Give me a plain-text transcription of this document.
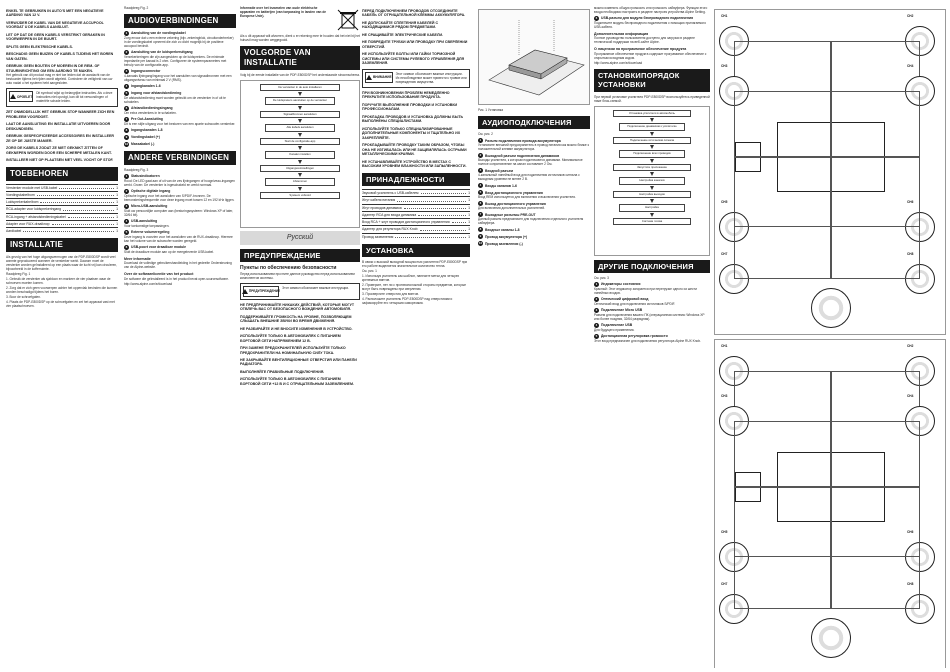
ENKEL TE GEBRUIKEN IN AUTO'S MET EEN NEGATIEVE AARDING VAN 12 V.
VERWIJDER DE KABEL VAN DE NEGATIEVE ACCUPOOL VOORDAT U DE KABELS AANSLUIT.
LET OP DAT DE GEEN KABELS VERSTRIKT GERAKEN IN VOORWERPEN IN DE BUURT.
SPLITS GEEN ELEKTRISCHE KABELS.
BESCHADIG GEEN BUIZEN OF KABELS TIJDENS HET BOREN VAN GATEN.
GEBRUIK GEEN BOUTEN OF MOEREN IN DE REM- OF STUURINRICHTING OM EEN AARDING TE MAKEN.
Het gebruik van dit product mag er niet toe leiden dat de aandacht van de bestuurder tijdens het rijden wordt afgeleid. Controleer de veiligheid van uw auto nadat u het systeem hebt aangesloten.
OPGELET
Dit symbool wijst op belangrijke instructies. Als u deze instructies niet opvolgt, kan dit tot verwondingen of materiële schade leiden.
ZET ONMIDDELLIJK HET GEBRUIK STOP WANNEER ZICH EEN PROBLEEM VOORDOET.
LAAT DE AANSLUITING EN INSTALLATIE UITVOEREN DOOR DESKUNDIGEN.
GEBRUIK GESPECIFICEERDE ACCESSOIRES EN INSTALLEER ZE OP DE JUISTE MANIER.
ZORG DE KABELS ZODAT ZE NIET GEKNIKT ZITTEN OF GEKNEPEN WORDEN DOOR EEN SCHERPE METALEN KANT.
INSTALLEER NIET OP PLAATSEN MET VEEL VOCHT OF STOF.
TOEBEHOREN
Versterker module met USB-kabel	1
Voedingskabelbom	1
Luidsprekerkabelbom	1
RCA-adapter voor luidsprekeringang	1
RCA-ingang + afstandsbedieningskabel	1
Adapter voor RUX-draaiknop	1
Aardkabel	1
INSTALLATIE
Als gevolg van het hoge uitgangsvermogen van de PDP-E800DSP wordt veel warmte geproduceerd wanneer de versterker werkt. Daarom moet de versterker worden geïnstalleerd op een plaats waar de lucht vrij kan circuleren, bijvoorbeeld in de kofferruimte.
Raadpleeg Fig. 1
1. Gebruik de versterker als sjabloon en markeer de vier plaatsen waar de schroeven moeten komen.
2. Zorg dat er zich geen voorwerpen achter het oppervlak bevinden die kunnen worden beschadigd tijdens het boren.
3. Boor de schroefgaten.
4. Plaats de PDP-E800DSP op de schroefgaten en zet het apparaat vast met vier plaatschroeven.
Raadpleeg Fig. 2
AUDIOVERBINDINGEN
1	Aansluiting van de voedingskabel
Zorg ervoor dat u een externe zekering (bijv. zekeringblok, circuitonderbreker) in de voedingskabel opneemt die zich zo dicht mogelijk bij de positieve accupool bevindt.
2	Aansluiting van de luidsprekeruitgang
Verzekerkeringen die zijn aangesloten op de luidsprekers. De minimale impedantie per kanaal is 2 ohm. Configureer de systeemparameters met behulp van de configuratie-app.
3	Ingangsconnector
4-kanaals lijningang/ingang voor het aansluiten van signaalbronnen met een uitgangsniveau van minimaal 2 V (RMS).
4	Ingangkanalen 1-6
5	Ingang voor afstandsbediening
De afstandsbediening moet worden gebruikt om de versterker in of uit te schakelen.
6	Afstandbedieningsingang
Om extra versterkers in te schakelen.
7	Pre Out-Aansluiting
Dit is een stijle uitgang voor het besturen van een aparte subwoofer-versterker.
8	Ingangskanalen 1-8
9	Voedingskabel (+)
10 Massakabel (-)
ANDERE VERBINDINGEN
Raadpleeg Fig. 3
1	Statusindicatoren
Rood: De LED gaat aan of uit van de zes lijningangen of hoogniveau-ingangen werkt. Groen: De versterker is ingeschakeld en werkt normaal.
2	Optische digitale ingang
Optische ingang voor het aansluiten van S/PDIF-bronnen. De bemonsteringsfrequentie voor deze ingang moet tussen 12 en 192 kHz liggen.
3	Micro-USB-aansluiting
Sluit uw persoonlijke computer aan (besturingssysteem: Windows XP of later, 32/64 bit).
4	USB-aansluiting
Voor toekomstige toepassingen.
5	Externe volumeregeling
Deze ingang is voorzien voor het aansluiten van de RUX-draaiknop. Hiermee kan het volume van de subwoofer worden geregeld.
6	USB-poort voor draadloze module
Sluit de draadloze module aan op de meegeleverde USB-kabel.
Meer informatie
Download de volledige gebruikershandleiding in het gedeelte Ondersteuning van de Alpine-website.
Over de softwarelicentie van het product
De software die geïnstalleerd is in het product bevat open-sourcesoftware.
http://www.alpine.com/e/download
Informatie over het inzamelen van oude elektrische apparaten en batterijen (van toepassing in landen van de Europese Unie).
Als u dit apparaat wilt afvoeren, dient u er rekening mee te houden dat het niet bij het huisvuil mag worden weggegooid.
VOLGORDE VAN INSTALLATIE
Volg bij de eerste installatie van de PDP-E800DSP het onderstaande stroomschema.
De versterker in de auto installeren
De luidsprekers aansluiten op de versterker
Signaalbronnen aansluiten
Alle kabels aansluiten
Start de configuratie-app
Kanalen instellen
Uitgangscoinstellingen
Afstemmen
Systeem voltooid
Русский
ПРЕДУПРЕЖДЕНИЕ
Пункты по обеспечению безопасности
Перед использованием прочтите данное руководство перед использованием компонентов системы.
ПРЕДУПРЕЖДЕНИЕ
Этот символ обозначает важные инструкции.
НЕ ПРЕДПРИНИМАЙТЕ НИКАКИХ ДЕЙСТВИЙ, КОТОРЫЕ МОГУТ ОТВЛЕЧЬ ВАС ОТ БЕЗОПАСНОГО ВОЖДЕНИЯ АВТОМОБИЛЯ.
ПОДДЕРЖИВАЙТЕ ГРОМКОСТЬ НА УРОВНЕ, ПОЗВОЛЯЮЩЕМ СЛЫШАТЬ ВНЕШНИЕ ЗВУКИ ВО ВРЕМЯ ДВИЖЕНИЯ.
НЕ РАЗБИРАЙТЕ И НЕ ВНОСИТЕ ИЗМЕНЕНИЯ В УСТРОЙСТВО.
ИСПОЛЬЗУЙТЕ ТОЛЬКО В АВТОМОБИЛЯХ С ПИТАНИЕМ БОРТОВОЙ СЕТИ НАПРЯЖЕНИЕМ 12 В.
ПРИ ЗАМЕНЕ ПРЕДОХРАНИТЕЛЕЙ ИСПОЛЬЗУЙТЕ ТОЛЬКО ПРЕДОХРАНИТЕЛИ НА НОМИНАЛЬНУЮ СИЛУ ТОКА.
НЕ ЗАКРЫВАЙТЕ ВЕНТИЛЯЦИОННЫЕ ОТВЕРСТИЯ ИЛИ ПАНЕЛИ РАДИАТОРА.
ВЫПОЛНЯЙТЕ ПРАВИЛЬНЫЕ ПОДКЛЮЧЕНИЯ.
ИСПОЛЬЗУЙТЕ ТОЛЬКО В АВТОМОБИЛЯХ С ПИТАНИЕМ БОРТОВОЙ СЕТИ +12 В И С ОТРИЦАТЕЛЬНЫМ ЗАЗЕМЛЕНИЕМ.
ПЕРЕД ПОДКЛЮЧЕНИЕМ ПРОВОДОВ ОТСОЕДИНИТЕ КАБЕЛЬ ОТ ОТРИЦАТЕЛЬНОЙ КЛЕММЫ АККУМУЛЯТОРА.
НЕ ДОПУСКАЙТЕ СПЛЕТЕНИЯ КАБЕЛЕЙ С НАХОДЯЩИМИСЯ РЯДОМ ПРЕДМЕТАМИ.
НЕ СРАЩИВАЙТЕ ЭЛЕКТРИЧЕСКИЕ КАБЕЛИ.
НЕ ПОВРЕДИТЕ ТРУБКИ ИЛИ ПРОВОДКУ ПРИ СВЕРЛЕНИИ ОТВЕРСТИЙ.
НЕ ИСПОЛЬЗУЙТЕ БОЛТЫ ИЛИ ГАЙКИ ТОРМОЗНОЙ СИСТЕМЫ ИЛИ СИСТЕМЫ РУЛЕВОГО УПРАВЛЕНИЯ ДЛЯ ЗАЗЕМЛЕНИЯ.
ВНИМАНИЕ
Этот символ обозначает важные инструкции. Их несоблюдение может привести к травме или повреждению имущества.
ПРИ ВОЗНИКНОВЕНИИ ПРОБЛЕМ НЕМЕДЛЕННО ПРЕКРАТИТЕ ИСПОЛЬЗОВАНИЕ ПРОДУКТА.
ПОРУЧИТЕ ВЫПОЛНЕНИЕ ПРОВОДКИ И УСТАНОВКИ ПРОФЕССИОНАЛАМ.
ПРОКЛАДКА ПРОВОДОВ И УСТАНОВКА ДОЛЖНЫ БЫТЬ ВЫПОЛНЕНЫ СПЕЦИАЛИСТАМИ.
ИСПОЛЬЗУЙТЕ ТОЛЬКО СПЕЦИАЛИЗИРОВАННЫЕ ДОПОЛНИТЕЛЬНЫЕ КОМПОНЕНТЫ И ТЩАТЕЛЬНО ИХ ЗАКРЕПЛЯЙТЕ.
ПРОКЛАДЫВАЙТЕ ПРОВОДКУ ТАКИМ ОБРАЗОМ, ЧТОБЫ ОНА НЕ ИЗГИБАЛАСЬ ИЛИ НЕ ЗАЩЕМЛЯЛАСЬ ОСТРЫМИ МЕТАЛЛИЧЕСКИМИ КРАЯМИ.
НЕ УСТАНАВЛИВАЙТЕ УСТРОЙСТВО В МЕСТАХ С ВЫСОКИМ УРОВНЕМ ВЛАЖНОСТИ ИЛИ ЗАПЫЛЕННОСТИ.
ПРИНАДЛЕЖНОСТИ
Звуковой усилитель с USB-кабелем	1
Жгут кабеля питания	1
Жгут проводов динамика	1
Адаптер RCA для входа динамика	1
Вход RCA + жгут проводов дистанционного управления	1
Адаптер для регулятора RUX Knob	1
Провод заземления	1
УСТАНОВКА
В связи с высокой выходной мощностью усилителя PDP-E800DSP при его работе выделяется значительное количество тепла.
См. рис. 1
1. Используя усилитель как шаблон, нанесите метки для четырех крепежных винтов.
2. Проверьте, нет ли с противоположной стороны предметов, которые могут быть повреждены при сверлении.
3. Просверлите отверстия для винтов.
4. Расположите усилитель PDP-E800DSP над отверстиями и зафиксируйте его четырьмя саморезами.
Рис. 1 Установка
АУДИОПОДКЛЮЧЕНИЯ
См. рис. 2
1	Разъем подключения провода аккумулятора
Установите внешний предохранитель в провод питания как можно ближе к положительной клемме аккумулятора.
2	Выходной разъем подключения динамиков
Выходы усилителя, к которым подключаются динамики. Минимальное полное сопротивление на канал составляет 2 Ом.
3	Входной разъем
4-канальный линейный вход для подключения источников сигнала с выходным уровнем не менее 2 В.
4	Входы каналов 1-6
5	Вход дистанционного управления
Вход REM используется для включения и выключения усилителя.
6	Выход дистанционного управления
Для включения дополнительных усилителей.
7	Выходные разъемы PRE-OUT
Данный разъем предназначен для подключения отдельного усилителя сабвуфера.
8	Входные каналы 1-8
9	Провод аккумулятора (+)
10 Провод заземления (-)
можно изменить общую громкость или громкость сабвуфера. Функции этого входа необходимо настроить в разделе настроек устройства Alpine Setting.
6	USB-разъем для модуля беспроводного подключения
Подключите модуль беспроводного подключения с помощью прилагаемого USB-кабеля.
Дополнительная информация
Полное руководство пользователя доступно для загрузки в разделе технической поддержки на веб-сайте Alpine.
О лицензии на программное обеспечение продукта
Программное обеспечение продукта содержит программное обеспечение с открытым исходным кодом.
http://www.alpine.com/e/download
СТАНОВКИПОРЯДОК УСТАНОВКИ
При первой установке усилителя PDP-E800DSP воспользуйтесь приведенной ниже блок-схемой.
Установка усилителя в автомобиль
Подключение динамиков к усилителю
Подключение источников сигнала
Подключение всех проводов
Запустите приложение
Настройка каналов
Настройка выходов
Настройка
Система готова
ДРУГИЕ ПОДКЛЮЧЕНИЯ
См. рис. 3
1	Индикаторы состояния
Красный: Этот индикатор загорается при перегрузке одного из шести линейных входов.
2	Оптический цифровой вход
Оптический вход для подключения источников S/PDIF.
3	Подключение Micro USB
Разъем для подключения вашего ПК (операционная система: Windows XP или более поздняя, 32/64 разрядная).
4	Подключение USB
Для будущего применения.
5	Дистанционная регулировка громкости
Этот вход предназначен для подключения регулятора Alpine RUX Knob.
CH1	CH2
CH3	CH4
CH5	CH6
CH7	CH8
CH1	CH2
CH3	CH4
CH5	CH6
CH7	CH8
